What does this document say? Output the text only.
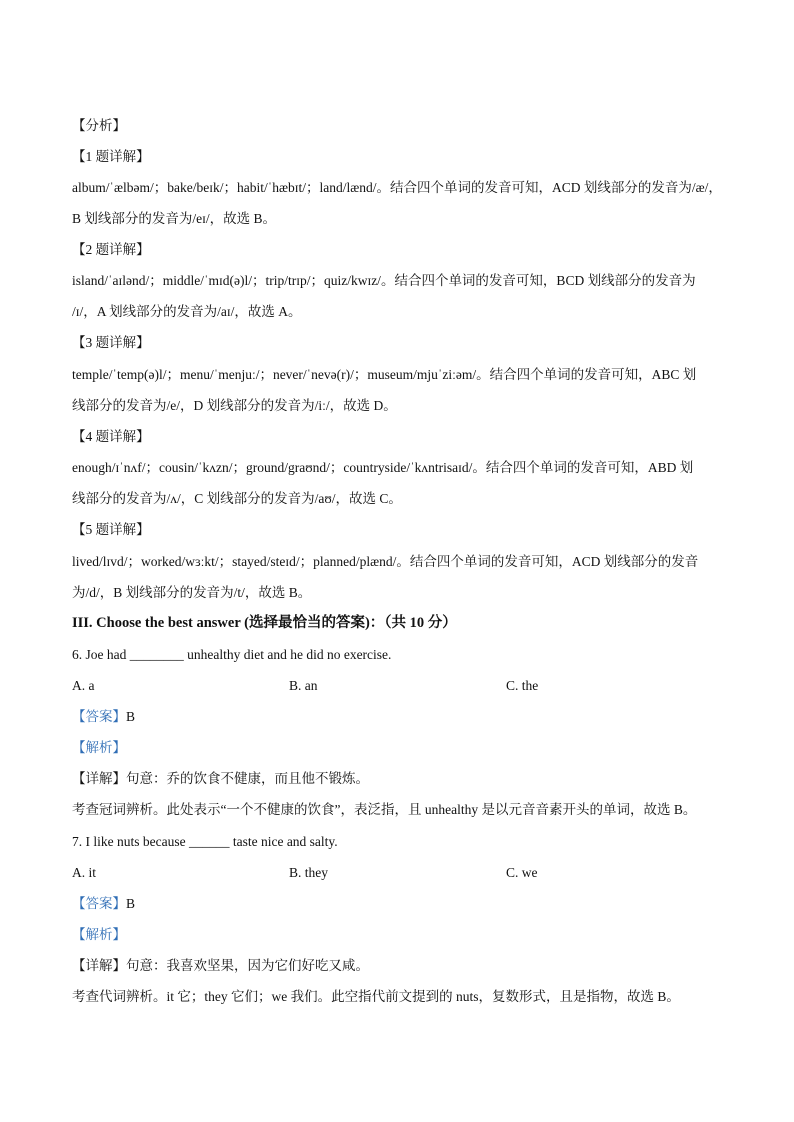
【分析】
【1 题详解】
album/ˈælbəm/；bake/beɪk/；habit/ˈhæbɪt/；land/lænd/。结合四个单词的发音可知，ACD 划线部分的发音为/æ/，
B 划线部分的发音为/eɪ/，故选 B。
【2 题详解】
island/ˈaɪlənd/；middle/ˈmɪd(ə)l/；trip/trɪp/；quiz/kwɪz/。结合四个单词的发音可知，BCD 划线部分的发音为
/ɪ/，A 划线部分的发音为/aɪ/，故选 A。
【3 题详解】
temple/ˈtemp(ə)l/；menu/ˈmenjuː/；never/ˈnevə(r)/；museum/mjuˈziːəm/。结合四个单词的发音可知，ABC 划
线部分的发音为/e/，D 划线部分的发音为/iː/，故选 D。
【4 题详解】
enough/ɪˈnʌf/；cousin/ˈkʌzn/；ground/graʊnd/；countryside/ˈkʌntrisaɪd/。结合四个单词的发音可知，ABD 划
线部分的发音为/ʌ/，C 划线部分的发音为/aʊ/，故选 C。
【5 题详解】
lived/lɪvd/；worked/wɜːkt/；stayed/steɪd/；planned/plænd/。结合四个单词的发音可知，ACD 划线部分的发音
为/d/，B 划线部分的发音为/t/，故选 B。
III. Choose the best answer (选择最恰当的答案)：（共 10 分）
6. Joe had ________ unhealthy diet and he did no exercise.
A. a	B. an	C. the
【答案】B
【解析】
【详解】句意：乔的饮食不健康，而且他不锻炼。
考查冠词辨析。此处表示“一个不健康的饮食”，表泛指，且 unhealthy 是以元音音素开头的单词，故选 B。
7. I like nuts because ______ taste nice and salty.
A. it	B. they	C. we
【答案】B
【解析】
【详解】句意：我喜欢坚果，因为它们好吃又咸。
考查代词辨析。it 它；they 它们；we 我们。此空指代前文提到的 nuts，复数形式，且是指物，故选 B。
